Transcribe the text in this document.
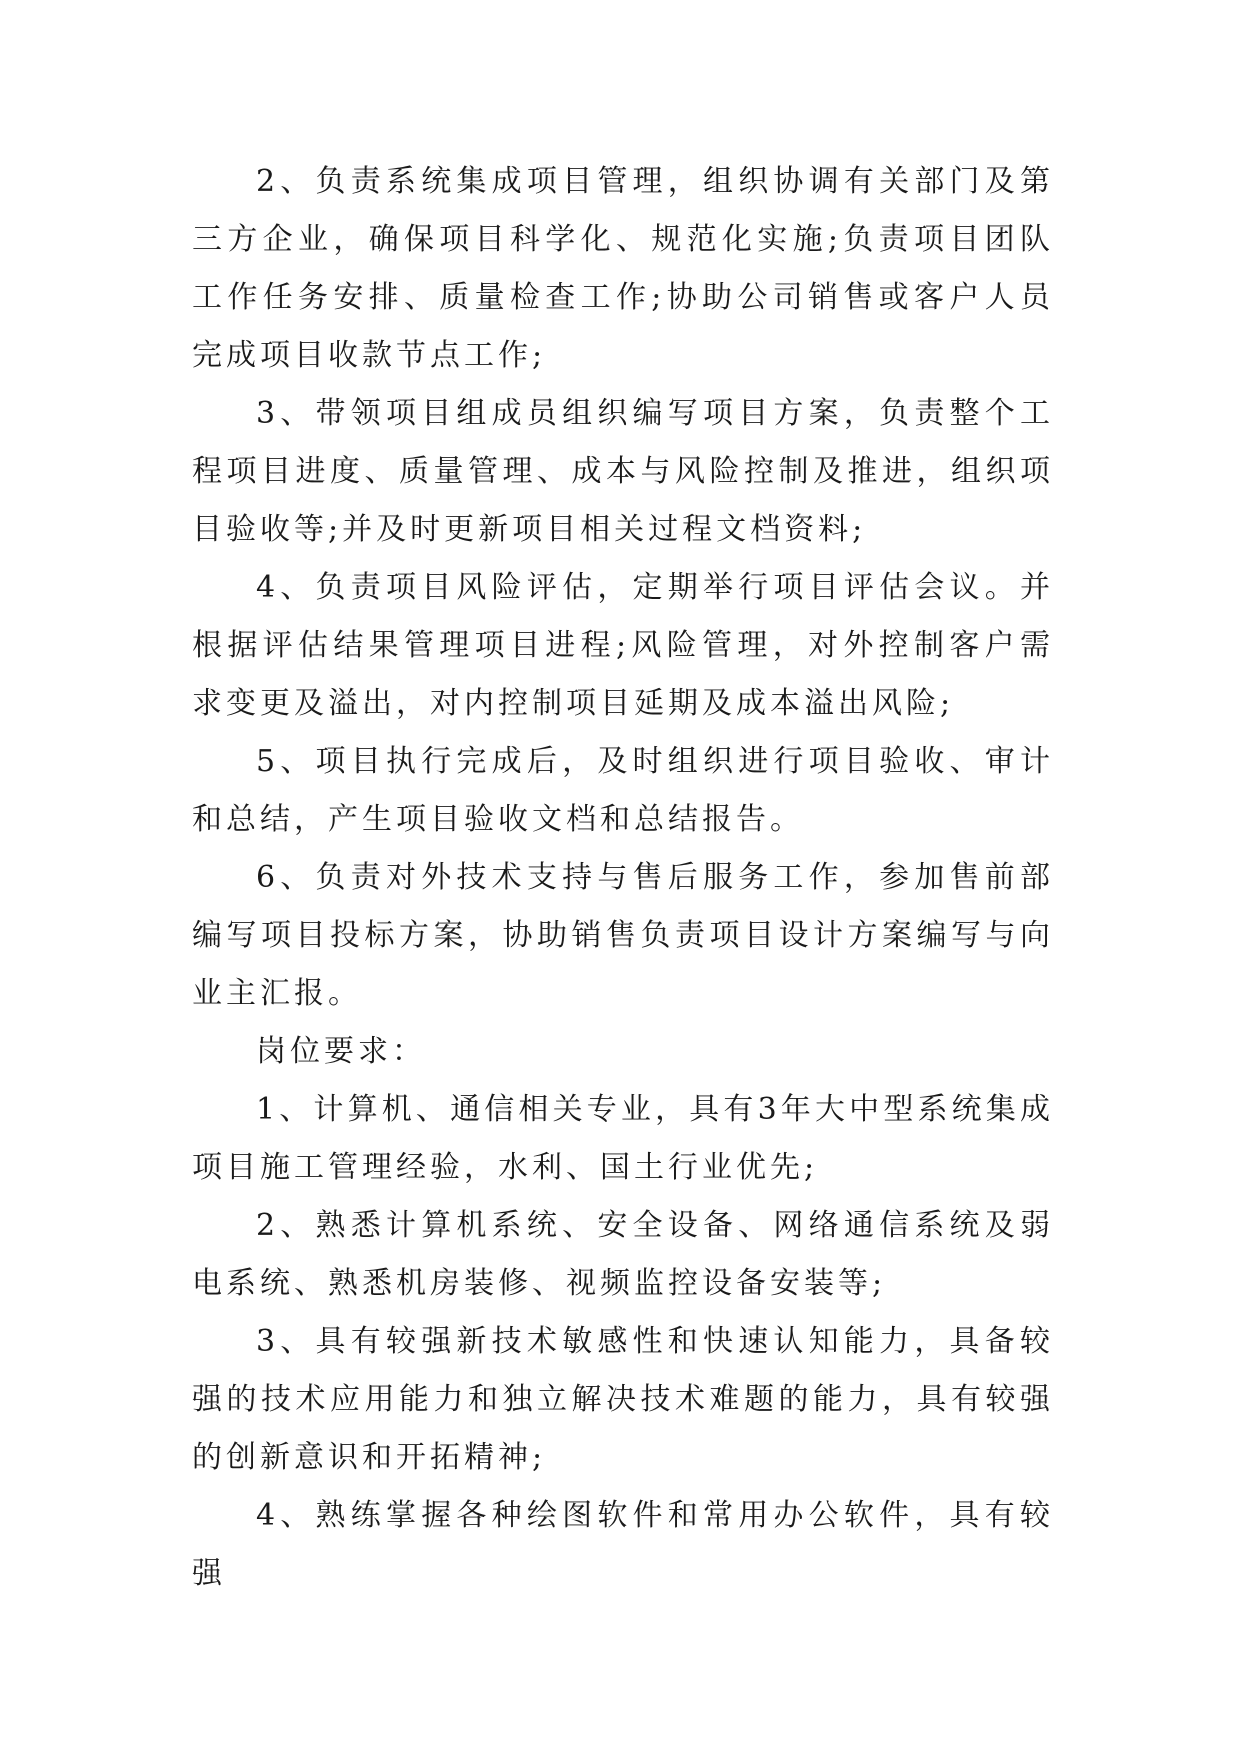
2、负责系统集成项目管理，组织协调有关部门及第三方企业，确保项目科学化、规范化实施;负责项目团队工作任务安排、质量检查工作;协助公司销售或客户人员完成项目收款节点工作;

3、带领项目组成员组织编写项目方案，负责整个工程项目进度、质量管理、成本与风险控制及推进，组织项目验收等;并及时更新项目相关过程文档资料;

4、负责项目风险评估，定期举行项目评估会议。并根据评估结果管理项目进程;风险管理，对外控制客户需求变更及溢出，对内控制项目延期及成本溢出风险;

5、项目执行完成后，及时组织进行项目验收、审计和总结，产生项目验收文档和总结报告。

6、负责对外技术支持与售后服务工作，参加售前部编写项目投标方案，协助销售负责项目设计方案编写与向业主汇报。

岗位要求：

1、计算机、通信相关专业，具有3年大中型系统集成项目施工管理经验，水利、国土行业优先;

2、熟悉计算机系统、安全设备、网络通信系统及弱电系统、熟悉机房装修、视频监控设备安装等;

3、具有较强新技术敏感性和快速认知能力，具备较强的技术应用能力和独立解决技术难题的能力，具有较强的创新意识和开拓精神;

4、熟练掌握各种绘图软件和常用办公软件，具有较强
